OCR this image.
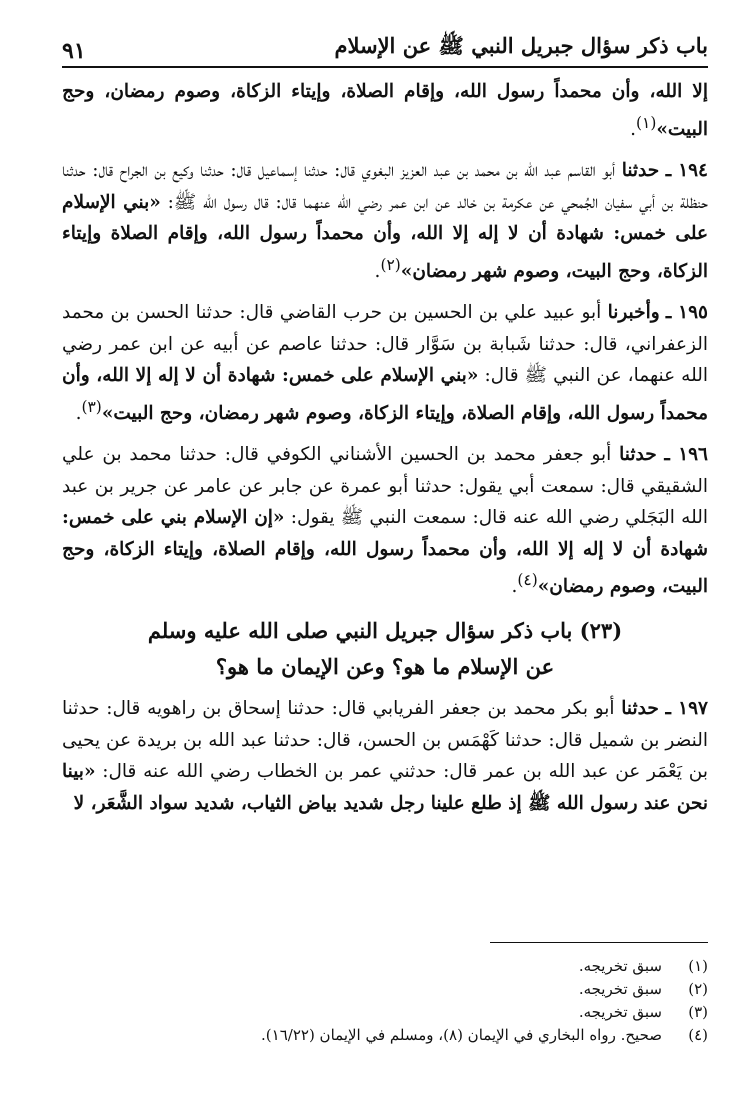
باب ذكر سؤال جبريل النبي ﷺ عن الإسلام
٩١

إلا الله، وأن محمداً رسول الله، وإقام الصلاة، وإيتاء الزكاة، وصوم رمضان، وحج البيت»$^{(١)}$.

١٩٤ ـ حدثنا أبو القاسم عبد الله بن محمد بن عبد العزيز البغوي قال: حدثنا إسماعيل قال: حدثنا وكيع بن الجراح قال: حدثنا حنظلة بن أبي سفيان الجُمحي عن عكرمة بن خالد عن ابن عمر رضي الله عنهما قال: قال رسول الله ﷺ: «بني الإسلام على خمس: شهادة أن لا إله إلا الله، وأن محمداً رسول الله، وإقام الصلاة وإيتاء الزكاة، وحج البيت، وصوم شهر رمضان»$^{(٢)}$.

١٩٥ ـ وأخبرنا أبو عبيد علي بن الحسين بن حرب القاضي قال: حدثنا الحسن بن محمد الزعفراني، قال: حدثنا شَبابة بن سَوَّار قال: حدثنا عاصم عن أبيه عن ابن عمر رضي الله عنهما، عن النبي ﷺ قال: «بني الإسلام على خمس: شهادة أن لا إله إلا الله، وأن محمداً رسول الله، وإقام الصلاة، وإيتاء الزكاة، وصوم شهر رمضان، وحج البيت»$^{(٣)}$.

١٩٦ ـ حدثنا أبو جعفر محمد بن الحسين الأشناني الكوفي قال: حدثنا محمد بن علي الشقيقي قال: سمعت أبي يقول: حدثنا أبو عمرة عن جابر عن عامر عن جرير بن عبد الله البَجَلي رضي الله عنه قال: سمعت النبي ﷺ يقول: «إن الإسلام بني على خمس: شهادة أن لا إله إلا الله، وأن محمداً رسول الله، وإقام الصلاة، وإيتاء الزكاة، وحج البيت، وصوم رمضان»$^{(٤)}$.

(٢٣) باب ذكر سؤال جبريل النبي صلى الله عليه وسلم
عن الإسلام ما هو؟ وعن الإيمان ما هو؟

١٩٧ ـ حدثنا أبو بكر محمد بن جعفر الفريابي قال: حدثنا إسحاق بن راهويه قال: حدثنا النضر بن شميل قال: حدثنا كَهْمَس بن الحسن، قال: حدثنا عبد الله بن بريدة عن يحيى بن يَعْمَر عن عبد الله بن عمر قال: حدثني عمر بن الخطاب رضي الله عنه قال: «بينا نحن عند رسول الله ﷺ إذ طلع علينا رجل شديد بياض الثياب، شديد سواد الشَّعَر، لا

(١)
سبق تخريجه.
(٢)
سبق تخريجه.
(٣)
سبق تخريجه.
(٤)
صحيح. رواه البخاري في الإيمان (٨)، ومسلم في الإيمان (١٦/٢٢).
